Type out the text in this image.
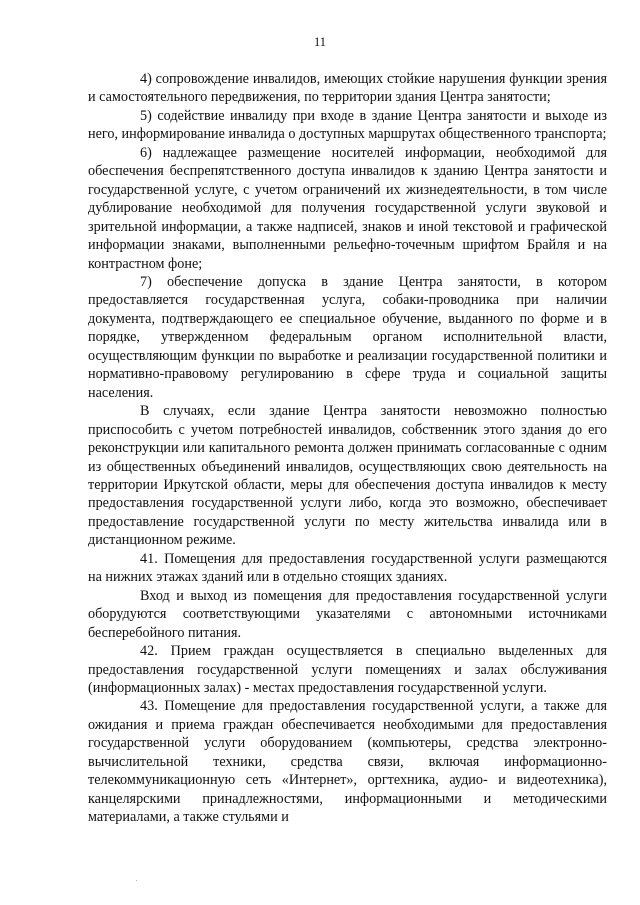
11

4) сопровождение инвалидов, имеющих стойкие нарушения функции зрения и самостоятельного передвижения, по территории здания Центра занятости;

5) содействие инвалиду при входе в здание Центра занятости и выходе из него, информирование инвалида о доступных маршрутах общественного транспорта;

6) надлежащее размещение носителей информации, необходимой для обеспечения беспрепятственного доступа инвалидов к зданию Центра занятости и государственной услуге, с учетом ограничений их жизнедеятельности, в том числе дублирование необходимой для получения государственной услуги звуковой и зрительной информации, а также надписей, знаков и иной текстовой и графической информации знаками, выполненными рельефно-точечным шрифтом Брайля и на контрастном фоне;

7) обеспечение допуска в здание Центра занятости, в котором предоставляется государственная услуга, собаки-проводника при наличии документа, подтверждающего ее специальное обучение, выданного по форме и в порядке, утвержденном федеральным органом исполнительной власти, осуществляющим функции по выработке и реализации государственной политики и нормативно-правовому регулированию в сфере труда и социальной защиты населения.

В случаях, если здание Центра занятости невозможно полностью приспособить с учетом потребностей инвалидов, собственник этого здания до его реконструкции или капитального ремонта должен принимать согласованные с одним из общественных объединений инвалидов, осуществляющих свою деятельность на территории Иркутской области, меры для обеспечения доступа инвалидов к месту предоставления государственной услуги либо, когда это возможно, обеспечивает предоставление государственной услуги по месту жительства инвалида или в дистанционном режиме.

41. Помещения для предоставления государственной услуги размещаются на нижних этажах зданий или в отдельно стоящих зданиях.

Вход и выход из помещения для предоставления государственной услуги оборудуются соответствующими указателями с автономными источниками бесперебойного питания.

42. Прием граждан осуществляется в специально выделенных для предоставления государственной услуги помещениях и залах обслуживания (информационных залах) - местах предоставления государственной услуги.

43. Помещение для предоставления государственной услуги, а также для ожидания и приема граждан обеспечивается необходимыми для предоставления государственной услуги оборудованием (компьютеры, средства электронно-вычислительной техники, средства связи, включая информационно-телекоммуникационную сеть «Интернет», оргтехника, аудио- и видеотехника), канцелярскими принадлежностями, информационными и методическими материалами, а также стульями и
